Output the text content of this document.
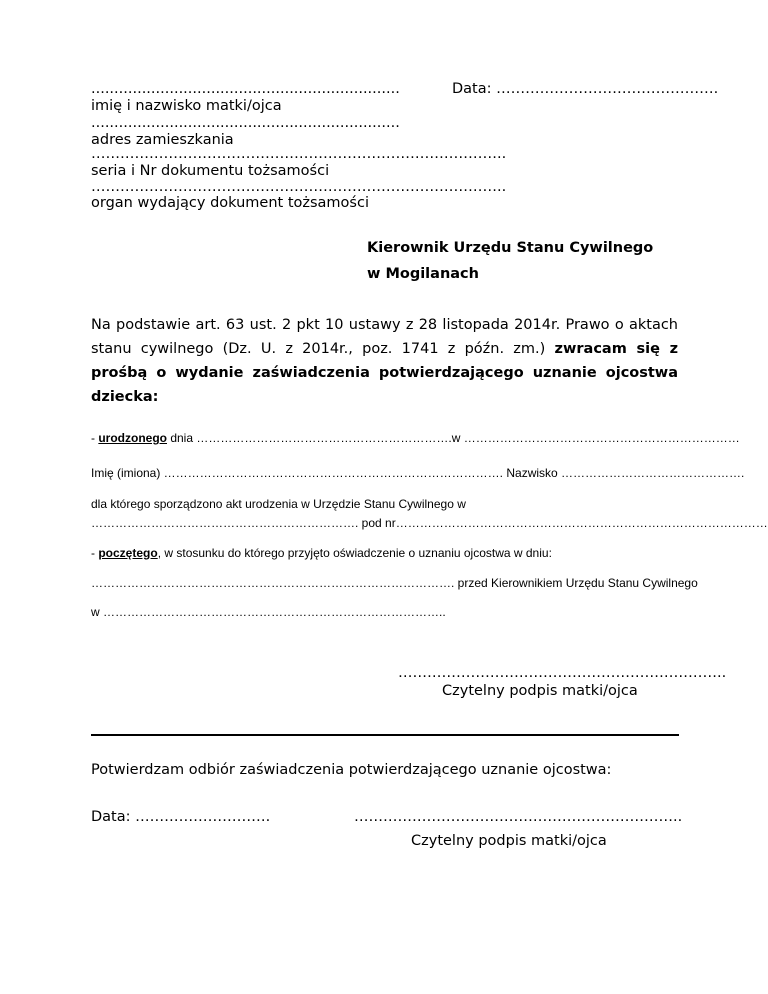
...................................................................	Data: ……………………………………….
imię i nazwisko matki/ojca
...................................................................
adres zamieszkania
…………………………………………………………………………..
seria i Nr dokumentu tożsamości
…………………………………………………………………………..
organ wydający dokument tożsamości
Kierownik Urzędu Stanu Cywilnego
w Mogilanach
Na podstawie art. 63 ust. 2 pkt 10 ustawy z 28 listopada 2014r. Prawo o aktach
stanu cywilnego (Dz. U. z 2014r., poz. 1741 z późn. zm.) zwracam się z
prośbą o wydanie zaświadczenia potwierdzającego uznanie ojcostwa
dziecka:
- urodzonego dnia ……………………………………………………….w ……………………………………………………………
Imię (imiona) …………………………………………………………………………. Nazwisko ……………………………………….
dla którego sporządzono akt urodzenia w Urzędzie Stanu Cywilnego w
…………………………………………………………. pod nr…………………………………………………………………………………
- poczętego, w stosunku do którego przyjęto oświadczenie o uznaniu ojcostwa w dniu:
………………………………………………………………………………. przed Kierownikiem Urzędu Stanu Cywilnego
w …………………………………………………………………………..
…………………………………………………………..
Czytelny podpis matki/ojca
Potwierdzam odbiór zaświadczenia potwierdzającego uznanie ojcostwa:
Data: ……………………….	…………………………………………………………..
Czytelny podpis matki/ojca
